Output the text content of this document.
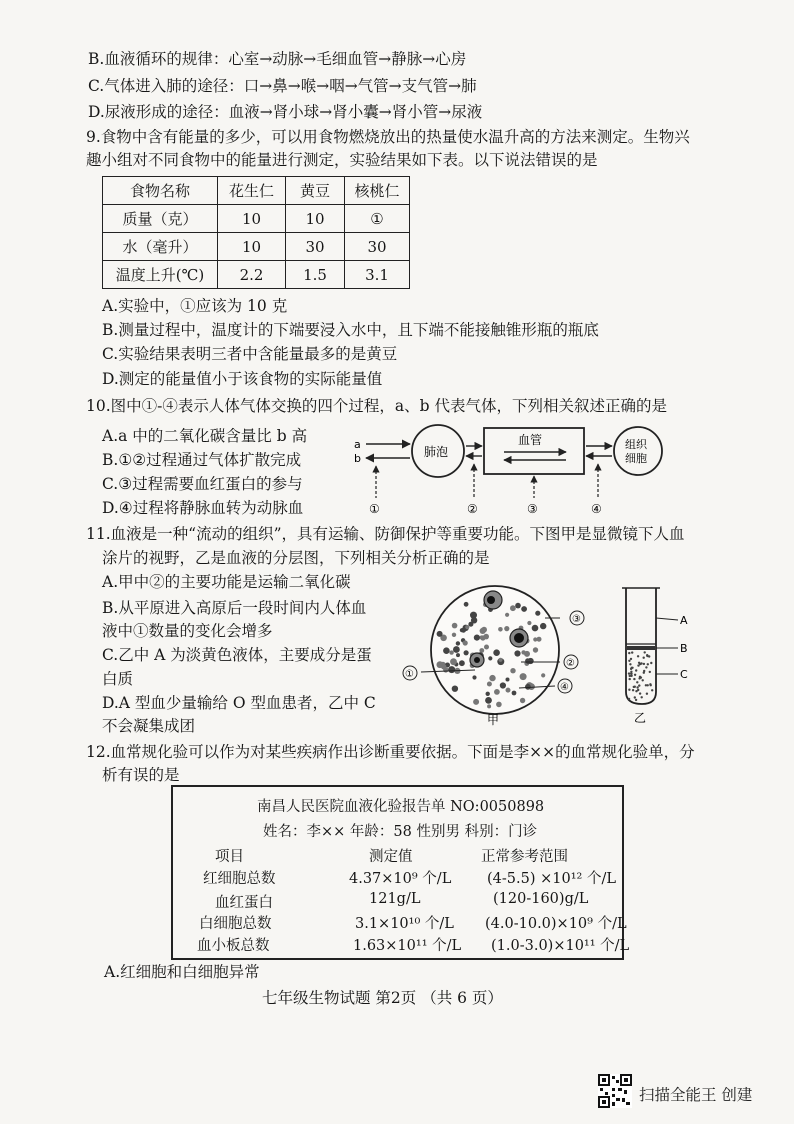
B.血液循环的规律：心室→动脉→毛细血管→静脉→心房
C.气体进入肺的途径：口→鼻→喉→咽→气管→支气管→肺
D.尿液形成的途径：血液→肾小球→肾小囊→肾小管→尿液
9.食物中含有能量的多少，可以用食物燃烧放出的热量使水温升高的方法来测定。生物兴
趣小组对不同食物中的能量进行测定，实验结果如下表。以下说法错误的是
食物名称	花生仁	黄豆	核桃仁
质量（克）	10	10	①
水（毫升）	10	30	30
温度上升(℃)	2.2	1.5	3.1
A.实验中，①应该为 10 克
B.测量过程中，温度计的下端要浸入水中，且下端不能接触锥形瓶的瓶底
C.实验结果表明三者中含能量最多的是黄豆
D.测定的能量值小于该食物的实际能量值
10.图中①-④表示人体气体交换的四个过程，a、b 代表气体，下列相关叙述正确的是
A.a 中的二氧化碳含量比 b 高
B.①②过程通过气体扩散完成
C.③过程需要血红蛋白的参与
D.④过程将静脉血转为动脉血
a
b	肺泡
血管	组织
细胞
①	②	③	④
11.血液是一种“流动的组织”，具有运输、防御保护等重要功能。下图甲是显微镜下人血
涂片的视野，乙是血液的分层图，下列相关分析正确的是
A.甲中②的主要功能是运输二氧化碳
B.从平原进入高原后一段时间内人体血
液中①数量的变化会增多
C.乙中 A 为淡黄色液体，主要成分是蛋
白质
D.A 型血少量输给 O 型血患者，乙中 C
不会凝集成团
③
②
①
④
甲
A
B
C
乙
12.血常规化验可以作为对某些疾病作出诊断重要依据。下面是李××的血常规化验单，分
析有误的是
南昌人民医院血液化验报告单 NO:0050898
姓名：李×× 年龄：58 性别男 科别：门诊
项目	测定值	正常参考范围
红细胞总数	4.37×10⁹ 个/L (4-5.5) ×10¹² 个/L
血红蛋白	121g/L	(120-160)g/L
白细胞总数	3.1×10¹⁰ 个/L (4.0-10.0)×10⁹ 个/L
血小板总数	1.63×10¹¹ 个/L (1.0-3.0)×10¹¹ 个/L
A.红细胞和白细胞异常
七年级生物试题 第2页 （共 6 页）
扫描全能王 创建
